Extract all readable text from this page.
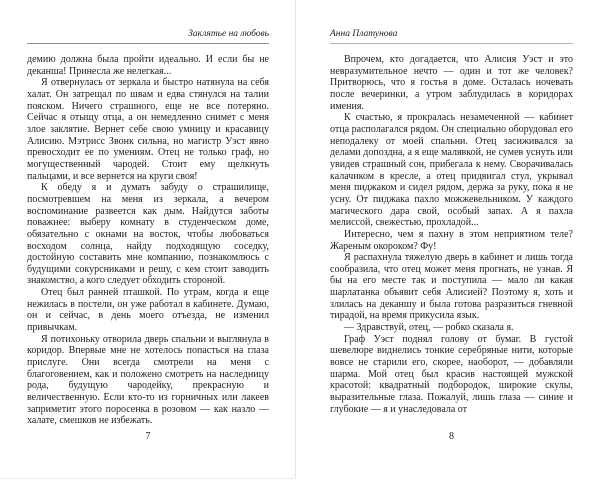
Заклятье на любовь

демию должна была пройти идеально. И если бы не деканша! Принесла же нелегкая...

Я отвернулась от зеркала и быстро натянула на себя халат. Он затрещал по швам и едва стянулся на талии пояском. Ничего страшного, еще не все потеряно. Сейчас я отыщу отца, а он немедленно снимет с меня злое заклятие. Вернет себе свою умницу и красавицу Алисию. Мэтрисс Звонк сильна, но магистр Уэст явно превосходит ее по умениям. Отец не только граф, но могущественный чародей. Стоит ему щелкнуть пальцами, и все вернется на круги своя!

К обеду я и думать забуду о страшилище, посмотревшем на меня из зеркала, а вечером воспоминание развеется как дым. Найдутся заботы поважнее: выберу комнату в студенческом доме, обязательно с окнами на восток, чтобы любоваться восходом солнца, найду подходящую соседку, достойную составить мне компанию, познакомлюсь с будущими сокурсниками и решу, с кем стоит заводить знакомство, а кого следует обходить стороной.

Отец был ранней пташкой. По утрам, когда я еще нежилась в постели, он уже работал в кабинете. Думаю, он и сейчас, в день моего отъезда, не изменил привычкам.

Я потихоньку отворила дверь спальни и выглянула в коридор. Впервые мне не хотелось попасться на глаза прислуге. Они всегда смотрели на меня с благоговением, как и положено смотреть на наследницу рода, будущую чародейку, прекрасную и величественную. Если кто-то из горничных или лакеев заприметит этого поросенка в розовом — как назло — халате, смешков не избежать.

7
Анна Платунова

Впрочем, кто догадается, что Алисия Уэст и это невразумительное нечто — один и тот же человек? Притворюсь, что я гостья в доме. Осталась ночевать после вечеринки, а утром заблудилась в коридорах имения.

К счастью, я прокралась незамеченной — кабинет отца располагался рядом. Он специально оборудовал его неподалеку от моей спальни. Отец засиживался за делами допоздна, а я еще малявкой, не сумев уснуть или увидев страшный сон, прибегала к нему. Сворачивалась калачиком в кресле, а отец придвигал стул, укрывал меня пиджаком и сидел рядом, держа за руку, пока я не усну. От пиджака пахло можжевельником. У каждого магического дара свой, особый запах. А я пахла мелиссой, свежестью, прохладой...

Интересно, чем я пахну в этом неприятном теле? Жареным окороком? Фу!

Я распахнула тяжелую дверь в кабинет и лишь тогда сообразила, что отец может меня прогнать, не узнав. Я бы на его месте так и поступила — мало ли какая шарлатанка объявит себя Алисией? Поэтому я, хоть и злилась на деканшу и была готова разразиться гневной тирадой, на время прикусила язык.

— Здравствуй, отец, — робко сказала я.

Граф Уэст поднял голову от бумаг. В густой шевелюре виднелись тонкие серебряные нити, которые вовсе не старили его, скорее, наоборот, — добавляли шарма. Мой отец был красив настоящей мужской красотой: квадратный подбородок, широкие скулы, выразительные глаза. Пожалуй, лишь глаза — синие и глубокие — я и унаследовала от

8
